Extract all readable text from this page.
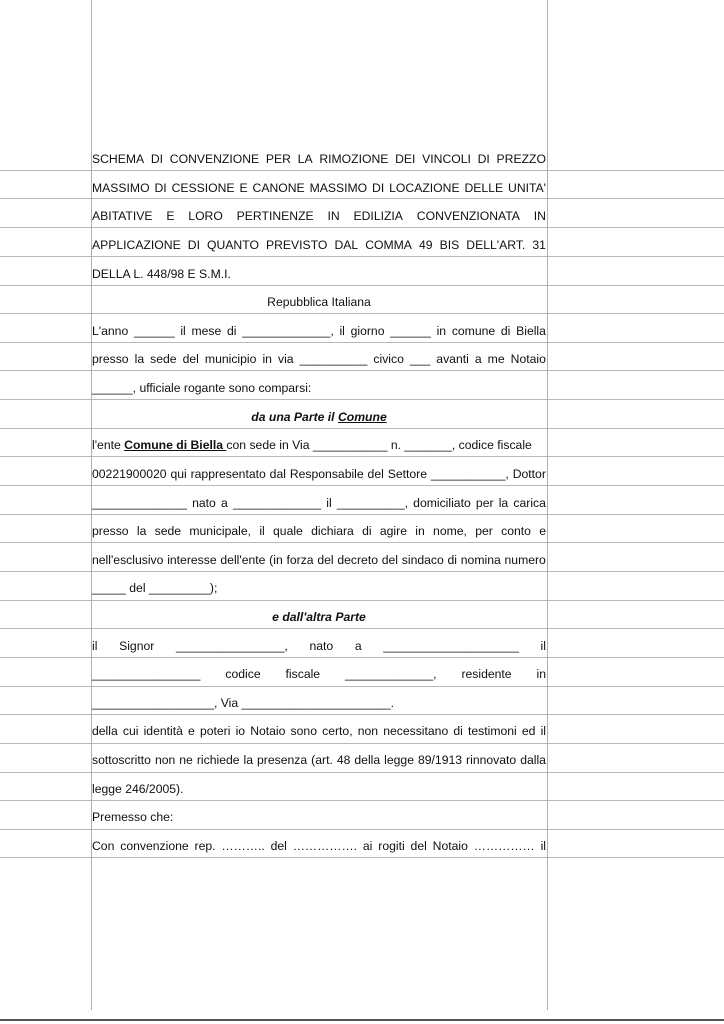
SCHEMA DI CONVENZIONE PER LA RIMOZIONE DEI VINCOLI DI PREZZO
MASSIMO DI CESSIONE E CANONE MASSIMO DI LOCAZIONE DELLE UNITA'
ABITATIVE E LORO PERTINENZE IN EDILIZIA CONVENZIONATA IN
APPLICAZIONE DI QUANTO PREVISTO DAL COMMA 49 BIS DELL'ART. 31
DELLA L. 448/98 E S.M.I.
Repubblica Italiana
L'anno ______ il mese di _____________, il giorno ______ in comune di Biella
presso la sede del municipio in via __________ civico ___ avanti a me Notaio
______, ufficiale rogante sono comparsi:
da una Parte il Comune
l'ente Comune di Biella con sede in Via ___________ n. _______, codice fiscale
00221900020 qui rappresentato dal Responsabile del Settore ___________, Dottor
______________ nato a _____________ il __________, domiciliato per la carica
presso la sede municipale, il quale dichiara di agire in nome, per conto e
nell'esclusivo interesse dell'ente (in forza del decreto del sindaco di nomina numero
_____ del _________);
e dall'altra Parte
il Signor ________________, nato a ____________________ il
________________ codice fiscale _____________, residente in
__________________, Via ______________________.
della cui identità e poteri io Notaio sono certo, non necessitano di testimoni ed il
sottoscritto non ne richiede la presenza (art. 48 della legge 89/1913 rinnovato dalla
legge 246/2005).
Premesso che:
Con convenzione rep. ……….. del ……………. ai rogiti del Notaio …………… il
